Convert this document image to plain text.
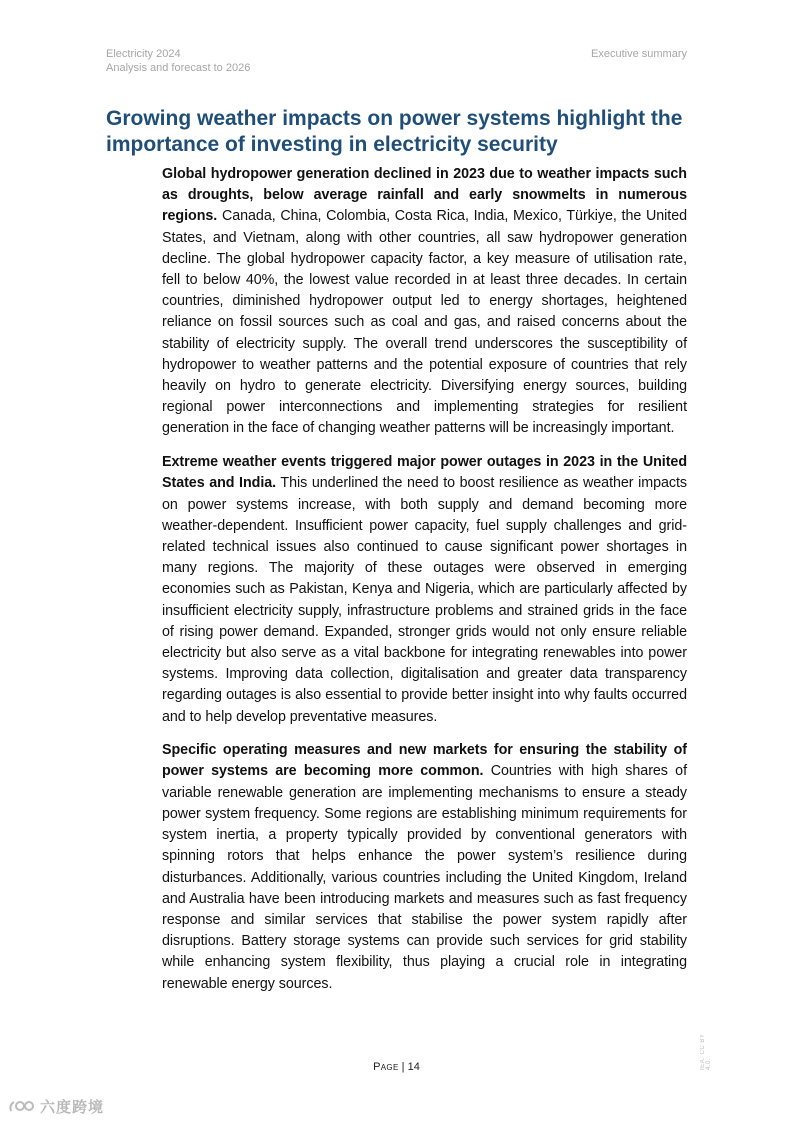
Electricity 2024
Analysis and forecast to 2026
Executive summary
Growing weather impacts on power systems highlight the importance of investing in electricity security

Global hydropower generation declined in 2023 due to weather impacts such as droughts, below average rainfall and early snowmelts in numerous regions. Canada, China, Colombia, Costa Rica, India, Mexico, Türkiye, the United States, and Vietnam, along with other countries, all saw hydropower generation decline. The global hydropower capacity factor, a key measure of utilisation rate, fell to below 40%, the lowest value recorded in at least three decades. In certain countries, diminished hydropower output led to energy shortages, heightened reliance on fossil sources such as coal and gas, and raised concerns about the stability of electricity supply. The overall trend underscores the susceptibility of hydropower to weather patterns and the potential exposure of countries that rely heavily on hydro to generate electricity. Diversifying energy sources, building regional power interconnections and implementing strategies for resilient generation in the face of changing weather patterns will be increasingly important.

Extreme weather events triggered major power outages in 2023 in the United States and India. This underlined the need to boost resilience as weather impacts on power systems increase, with both supply and demand becoming more weather-dependent. Insufficient power capacity, fuel supply challenges and grid-related technical issues also continued to cause significant power shortages in many regions. The majority of these outages were observed in emerging economies such as Pakistan, Kenya and Nigeria, which are particularly affected by insufficient electricity supply, infrastructure problems and strained grids in the face of rising power demand. Expanded, stronger grids would not only ensure reliable electricity but also serve as a vital backbone for integrating renewables into power systems. Improving data collection, digitalisation and greater data transparency regarding outages is also essential to provide better insight into why faults occurred and to help develop preventative measures.

Specific operating measures and new markets for ensuring the stability of power systems are becoming more common. Countries with high shares of variable renewable generation are implementing mechanisms to ensure a steady power system frequency. Some regions are establishing minimum requirements for system inertia, a property typically provided by conventional generators with spinning rotors that helps enhance the power system’s resilience during disturbances. Additionally, various countries including the United Kingdom, Ireland and Australia have been introducing markets and measures such as fast frequency response and similar services that stabilise the power system rapidly after disruptions. Battery storage systems can provide such services for grid stability while enhancing system flexibility, thus playing a crucial role in integrating renewable energy sources.

IEA. CC BY 4.0.
Page | 14
六度跨境
